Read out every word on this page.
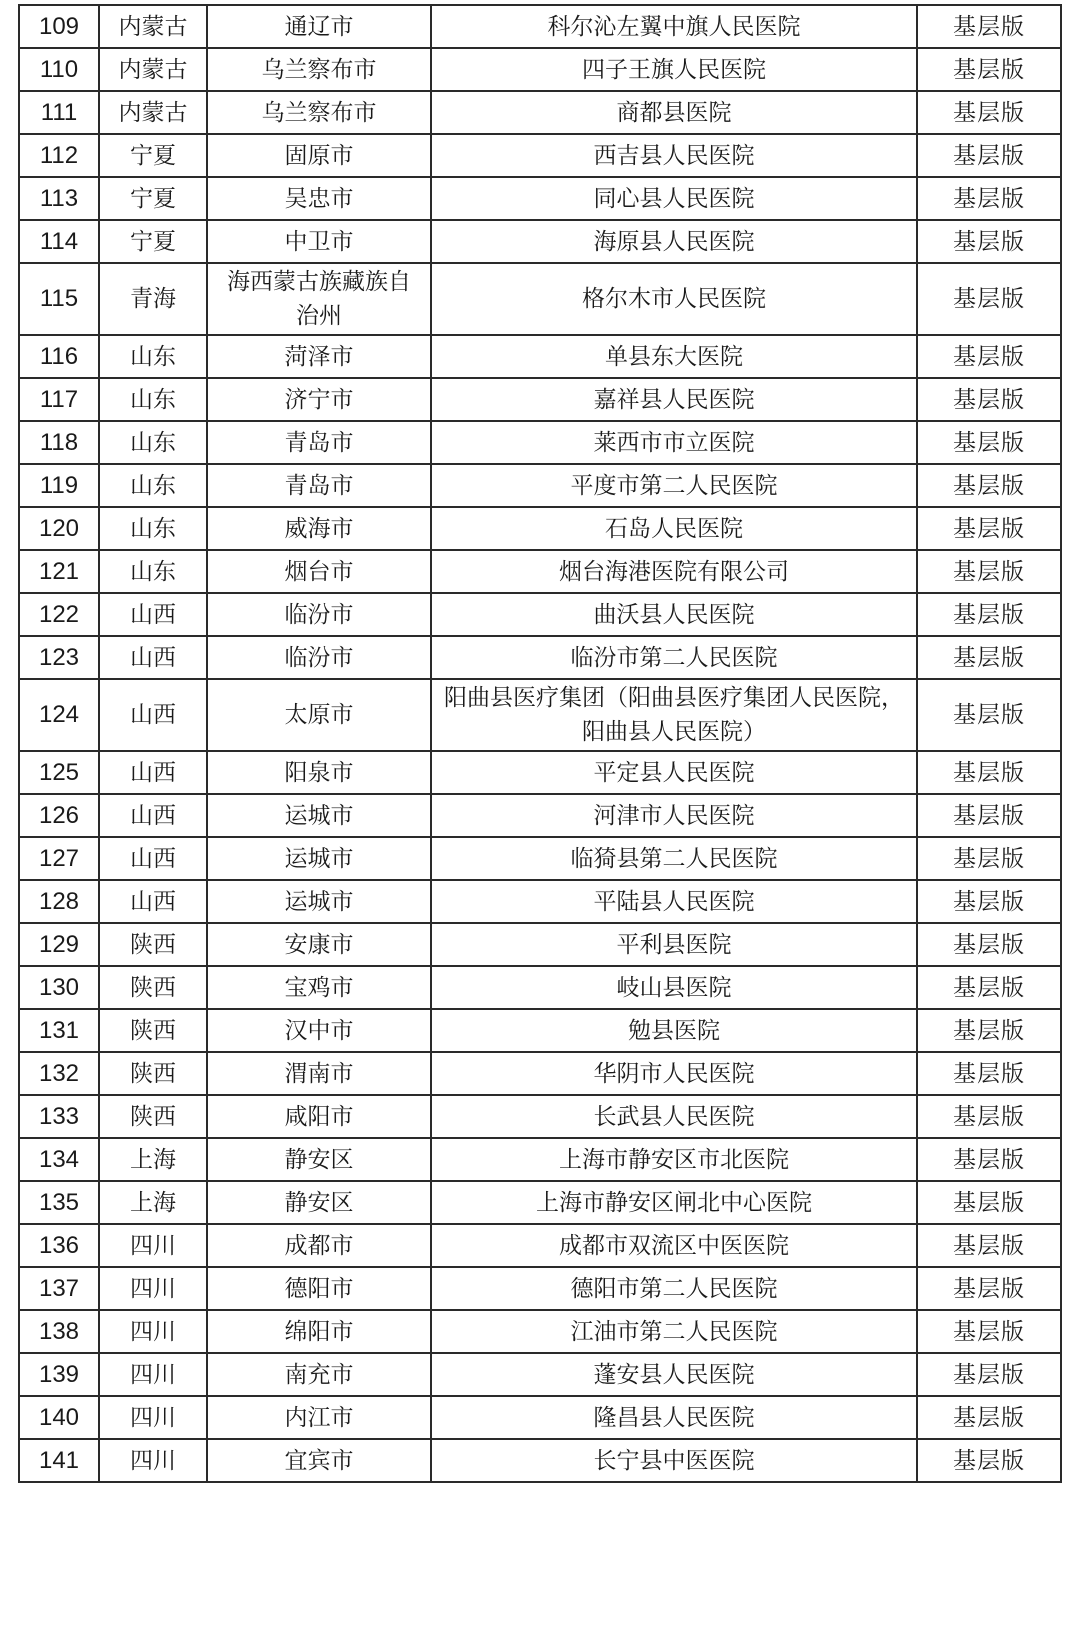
109	内蒙古	通辽市	科尔沁左翼中旗人民医院	基层版
110	内蒙古	乌兰察布市	四子王旗人民医院	基层版
111	内蒙古	乌兰察布市	商都县医院	基层版
112	宁夏	固原市	西吉县人民医院	基层版
113	宁夏	吴忠市	同心县人民医院	基层版
114	宁夏	中卫市	海原县人民医院	基层版
115	青海	海西蒙古族藏族自治州	格尔木市人民医院	基层版
116	山东	菏泽市	单县东大医院	基层版
117	山东	济宁市	嘉祥县人民医院	基层版
118	山东	青岛市	莱西市市立医院	基层版
119	山东	青岛市	平度市第二人民医院	基层版
120	山东	威海市	石岛人民医院	基层版
121	山东	烟台市	烟台海港医院有限公司	基层版
122	山西	临汾市	曲沃县人民医院	基层版
123	山西	临汾市	临汾市第二人民医院	基层版
124	山西	太原市	阳曲县医疗集团（阳曲县医疗集团人民医院，阳曲县人民医院）	基层版
125	山西	阳泉市	平定县人民医院	基层版
126	山西	运城市	河津市人民医院	基层版
127	山西	运城市	临猗县第二人民医院	基层版
128	山西	运城市	平陆县人民医院	基层版
129	陕西	安康市	平利县医院	基层版
130	陕西	宝鸡市	岐山县医院	基层版
131	陕西	汉中市	勉县医院	基层版
132	陕西	渭南市	华阴市人民医院	基层版
133	陕西	咸阳市	长武县人民医院	基层版
134	上海	静安区	上海市静安区市北医院	基层版
135	上海	静安区	上海市静安区闸北中心医院	基层版
136	四川	成都市	成都市双流区中医医院	基层版
137	四川	德阳市	德阳市第二人民医院	基层版
138	四川	绵阳市	江油市第二人民医院	基层版
139	四川	南充市	蓬安县人民医院	基层版
140	四川	内江市	隆昌县人民医院	基层版
141	四川	宜宾市	长宁县中医医院	基层版
